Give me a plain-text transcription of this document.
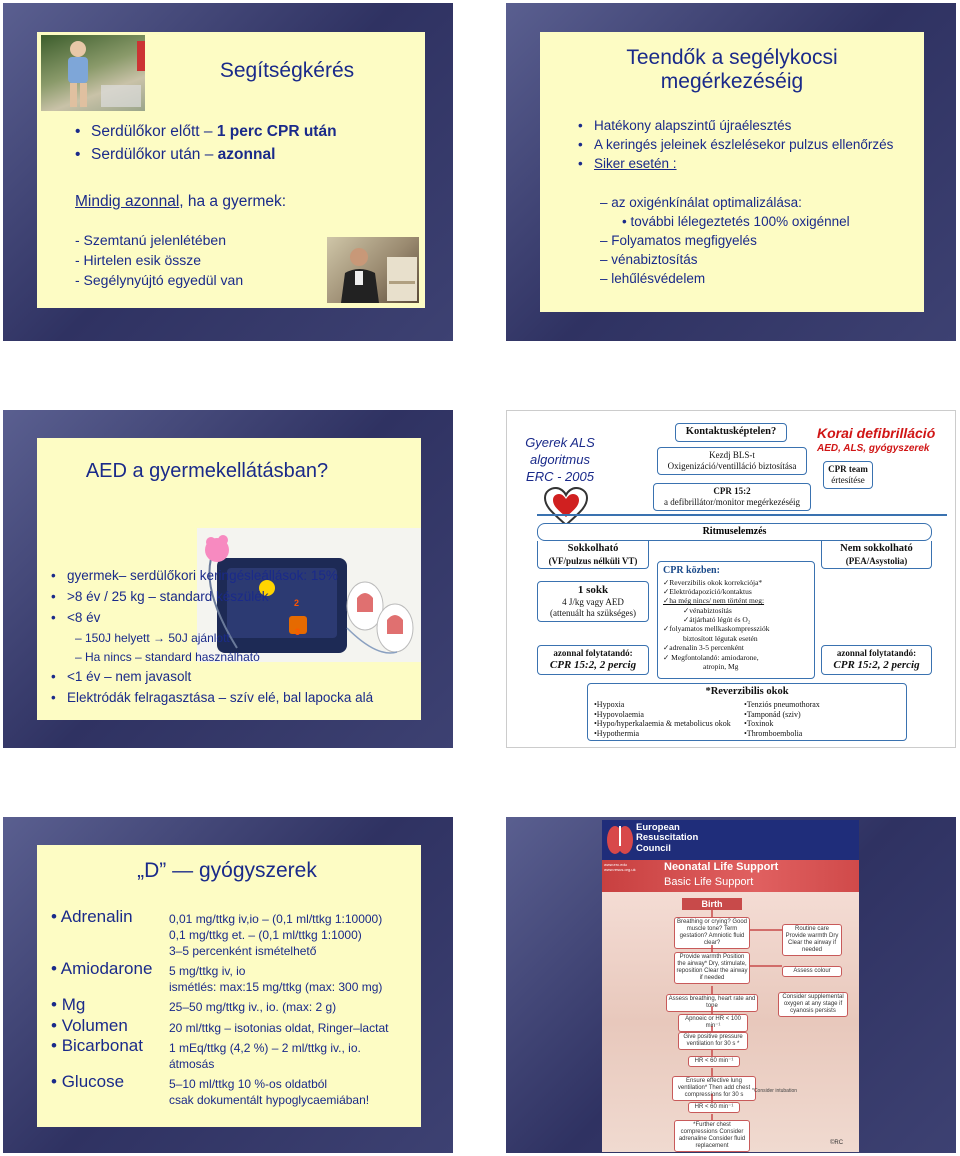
Segítségkérés
• Serdülőkor előtt – 1 perc CPR után
• Serdülőkor után – azonnal
Mindig azonnal, ha a gyermek:
- Szemtanú jelenlétében
- Hirtelen esik össze
- Segélynyújtó egyedül van
Teendők a segélykocsi megérkezéséig
• Hatékony alapszintű újraélesztés
• A keringés jeleinek észlelésekor pulzus ellenőrzés
• Siker esetén :
– az oxigénkínálat optimalizálása:
• további lélegeztetés 100% oxigénnel
– Folyamatos megfigyelés
– vénabiztosítás
– lehűlésvédelem
AED a gyermekellátásban?
2
3
• gyermek– serdülőkori keringésleállások: 15%
• >8 év / 25 kg – standard készülék
• <8 év
– 150J helyett → 50J ajánlott
– Ha nincs – standard használható
• <1 év – nem javasolt
• Elektródák felragasztása – szív elé, bal lapocka alá
Gyerek ALS
algoritmus
ERC - 2005
Kontaktusképtelen?
Kezdj BLS-t
Oxigenizáció/ventilláció biztosítása
CPR 15:2
a defibrillátor/monitor megérkezéséig
Korai defibrilláció
AED, ALS, gyógyszerek
CPR team
értesítése
Ritmuselemzés
Sokkolható
(VF/pulzus nélküli VT)
Nem sokkolható
(PEA/Asystolia)
1 sokk
4 J/kg vagy AED
(attenuált ha szükséges)
CPR közben:
✓Reverzibilis okok korrekciója*
✓Elektródapozíció/kontaktus
✓ha még nincs/ nem történt meg:
✓vénabiztosítás
✓átjárható légút és O₂
✓folyamatos mellkaskompressziók
biztosított légutak esetén
✓adrenalin 3-5 percenként
✓ Megfontolandó: amiodarone,
atropin, Mg
azonnal folytatandó:
CPR 15:2, 2 percig
azonnal folytatandó:
CPR 15:2, 2 percig
*Reverzibilis okok
•Hypoxia
•Hypovolaemia
•Hypo/hyperkalaemia & metabolicus okok
•Hypothermia
•Tenziós pneumothorax
•Tamponád (sziv)
•Toxinok
•Thromboembolia
„D” — gyógyszerek
• Adrenalin	0,01 mg/ttkg iv,io – (0,1 ml/ttkg 1:10000)
0,1 mg/ttkg et. – (0,1 ml/ttkg 1:1000)
3–5 percenként ismételhető
• Amiodarone 5 mg/ttkg iv, io
ismétlés: max:15 mg/ttkg (max: 300 mg)
• Mg	25–50 mg/ttkg iv., io. (max: 2 g)
• Volumen	20 ml/ttkg – isotonias oldat, Ringer–lactat
• Bicarbonat 1 mEq/ttkg (4,2 %) – 2 ml/ttkg iv., io.
átmosás
• Glucose	5–10 ml/ttkg 10 %-os oldatból
csak dokumentált hypoglycaemiában!
European
Resuscitation
Council
www.erc.edu
www.resus.org.uk	Neonatal Life Support
Basic Life Support
Birth
Breathing or crying? Good muscle tone? Term gestation? Amniotic fluid clear?
Provide warmth Position the airway* Dry, stimulate, reposition Clear the airway if needed
Assess breathing, heart rate and tone
Apnoeic or HR < 100 min⁻¹
Give positive pressure ventilation for 30 s *
HR < 60 min⁻¹
Ensure effective lung ventilation* Then add chest compressions for 30 s
HR < 60 min⁻¹
*Further chest compressions Consider adrenaline Consider fluid replacement
*Consider intubation
Routine care Provide warmth Dry Clear the airway if needed
Assess colour
Consider supplemental oxygen at any stage if cyanosis persists
©RC
